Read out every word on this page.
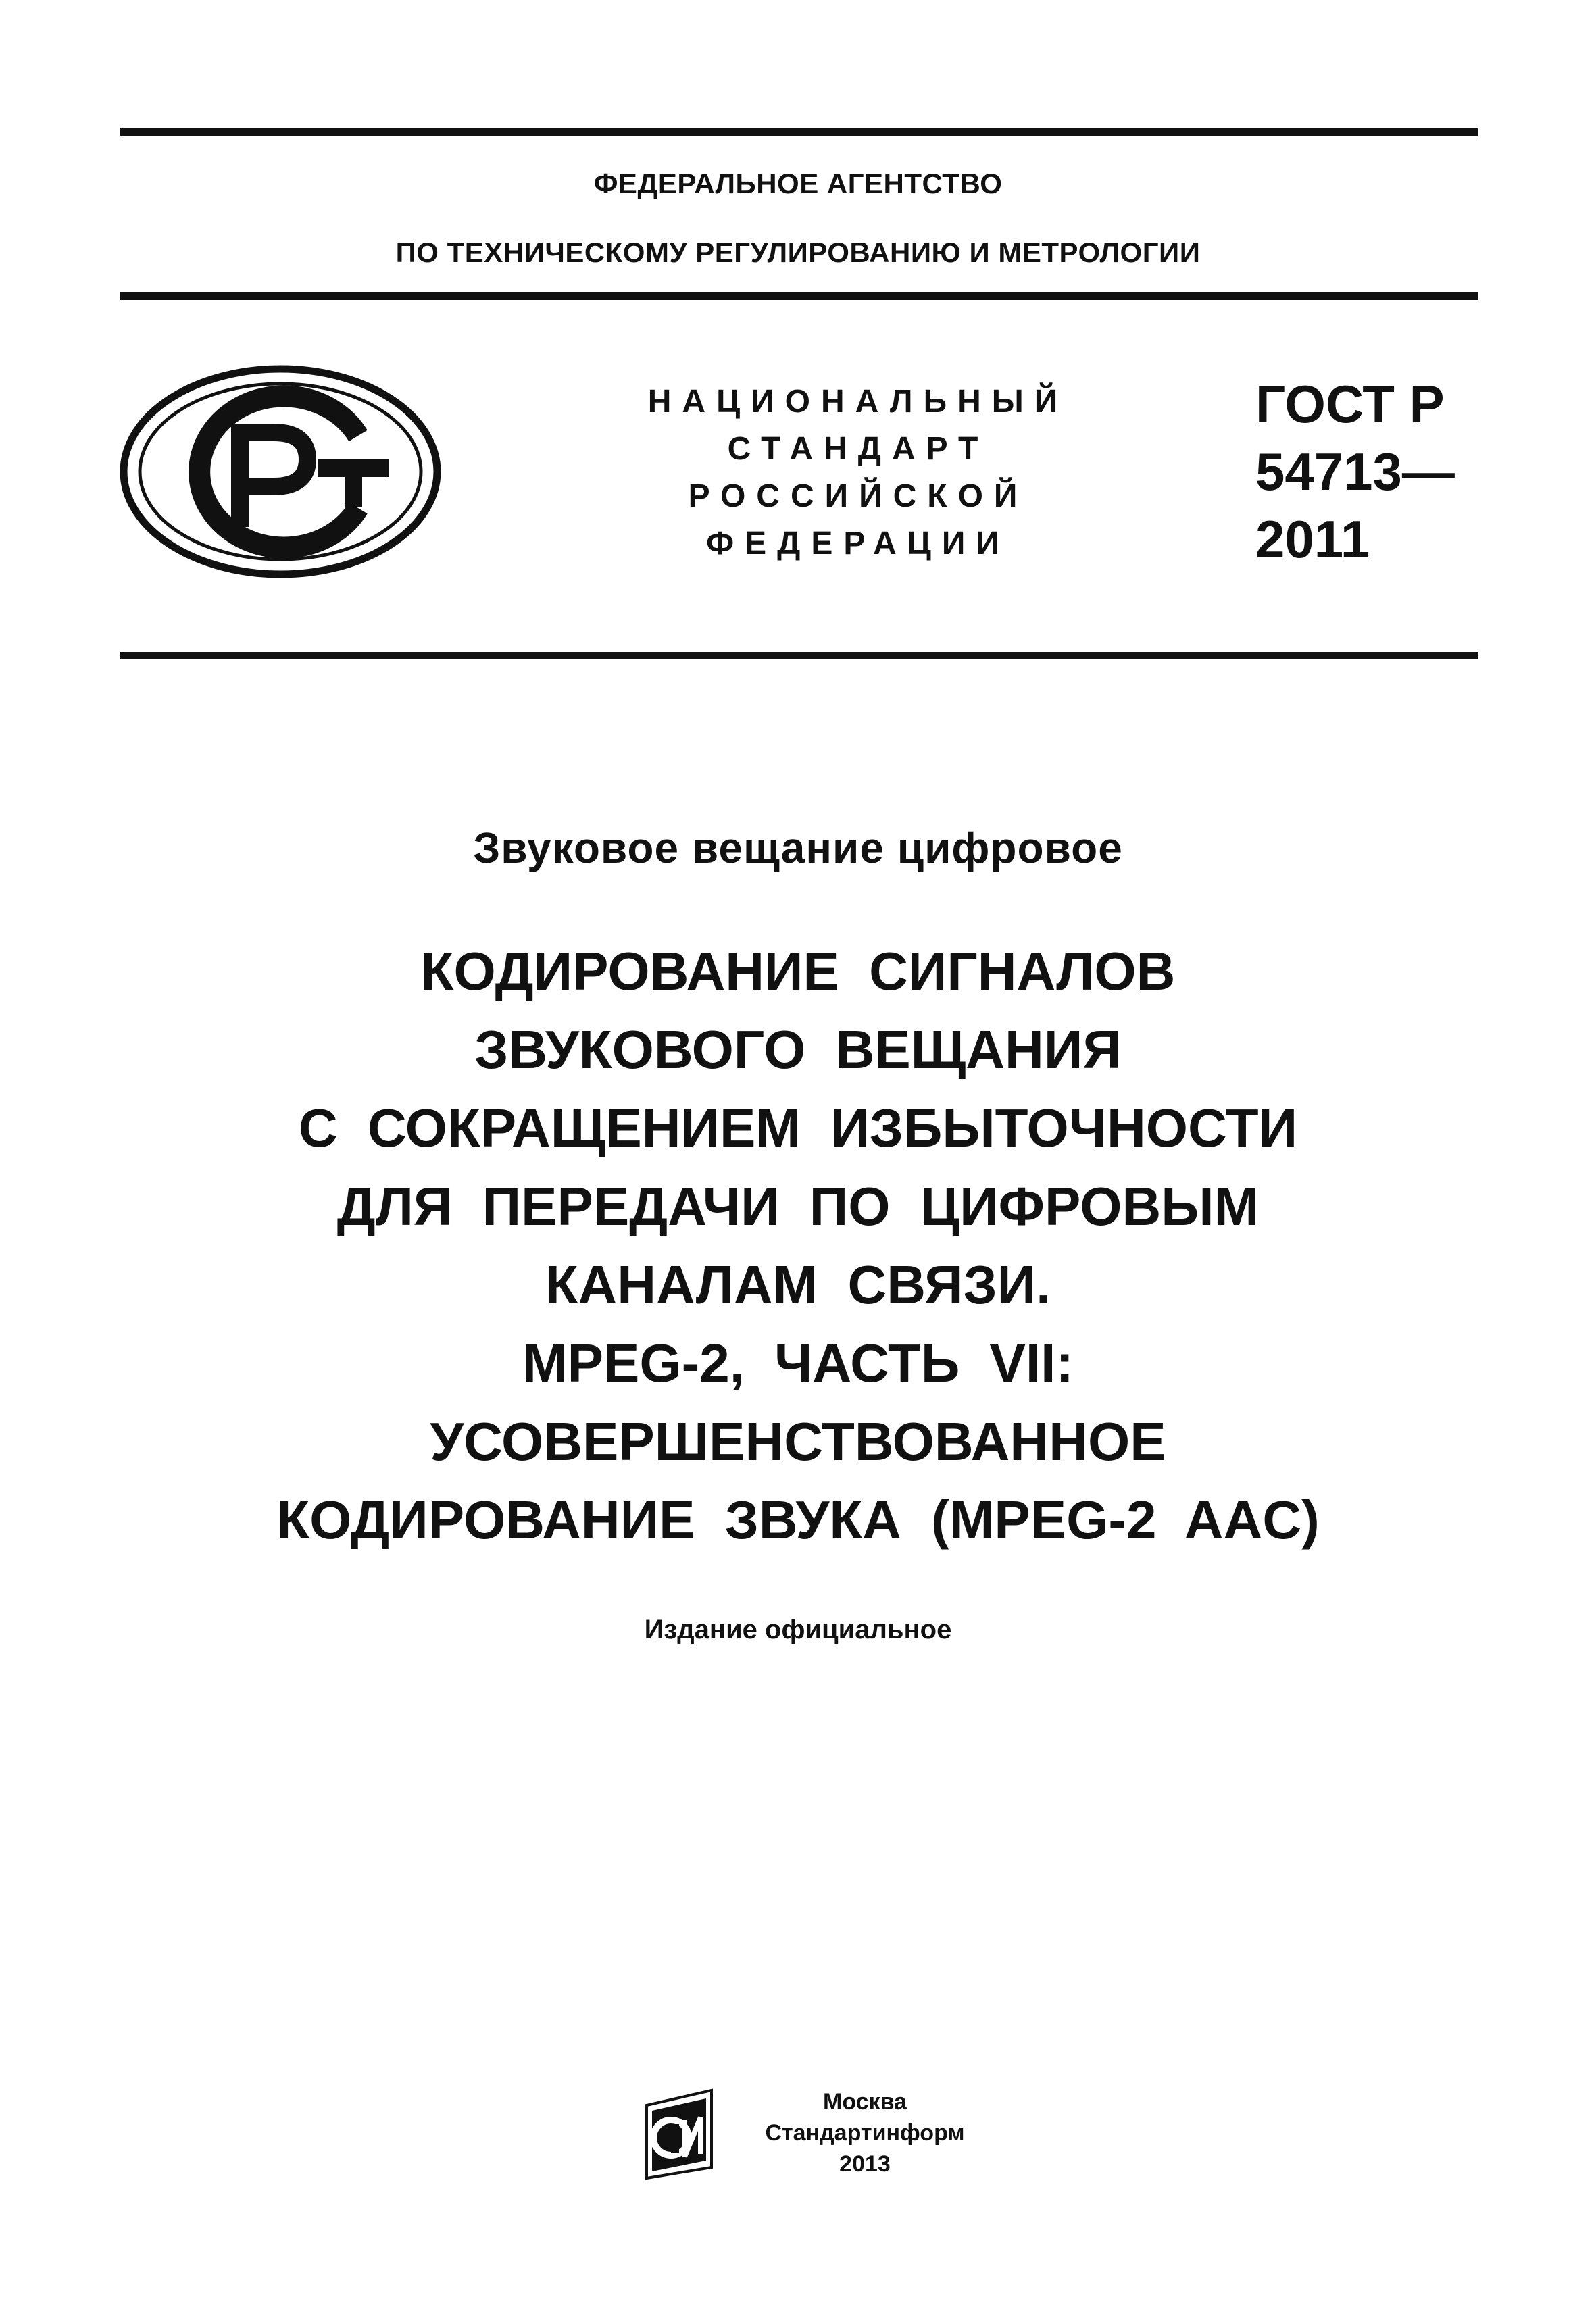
ФЕДЕРАЛЬНОЕ АГЕНТСТВО
ПО ТЕХНИЧЕСКОМУ РЕГУЛИРОВАНИЮ И МЕТРОЛОГИИ
НАЦИОНАЛЬНЫЙ
СТАНДАРТ
РОССИЙСКОЙ
ФЕДЕРАЦИИ
ГОСТ Р
54713—
2011
Звуковое вещание цифровое
КОДИРОВАНИЕ СИГНАЛОВ
ЗВУКОВОГО ВЕЩАНИЯ
С СОКРАЩЕНИЕМ ИЗБЫТОЧНОСТИ
ДЛЯ ПЕРЕДАЧИ ПО ЦИФРОВЫМ
КАНАЛАМ СВЯЗИ.
MPEG-2, ЧАСТЬ VII:
УСОВЕРШЕНСТВОВАННОЕ
КОДИРОВАНИЕ ЗВУКА (MPEG-2 AAC)
Издание официальное
Москва
Стандартинформ
2013
